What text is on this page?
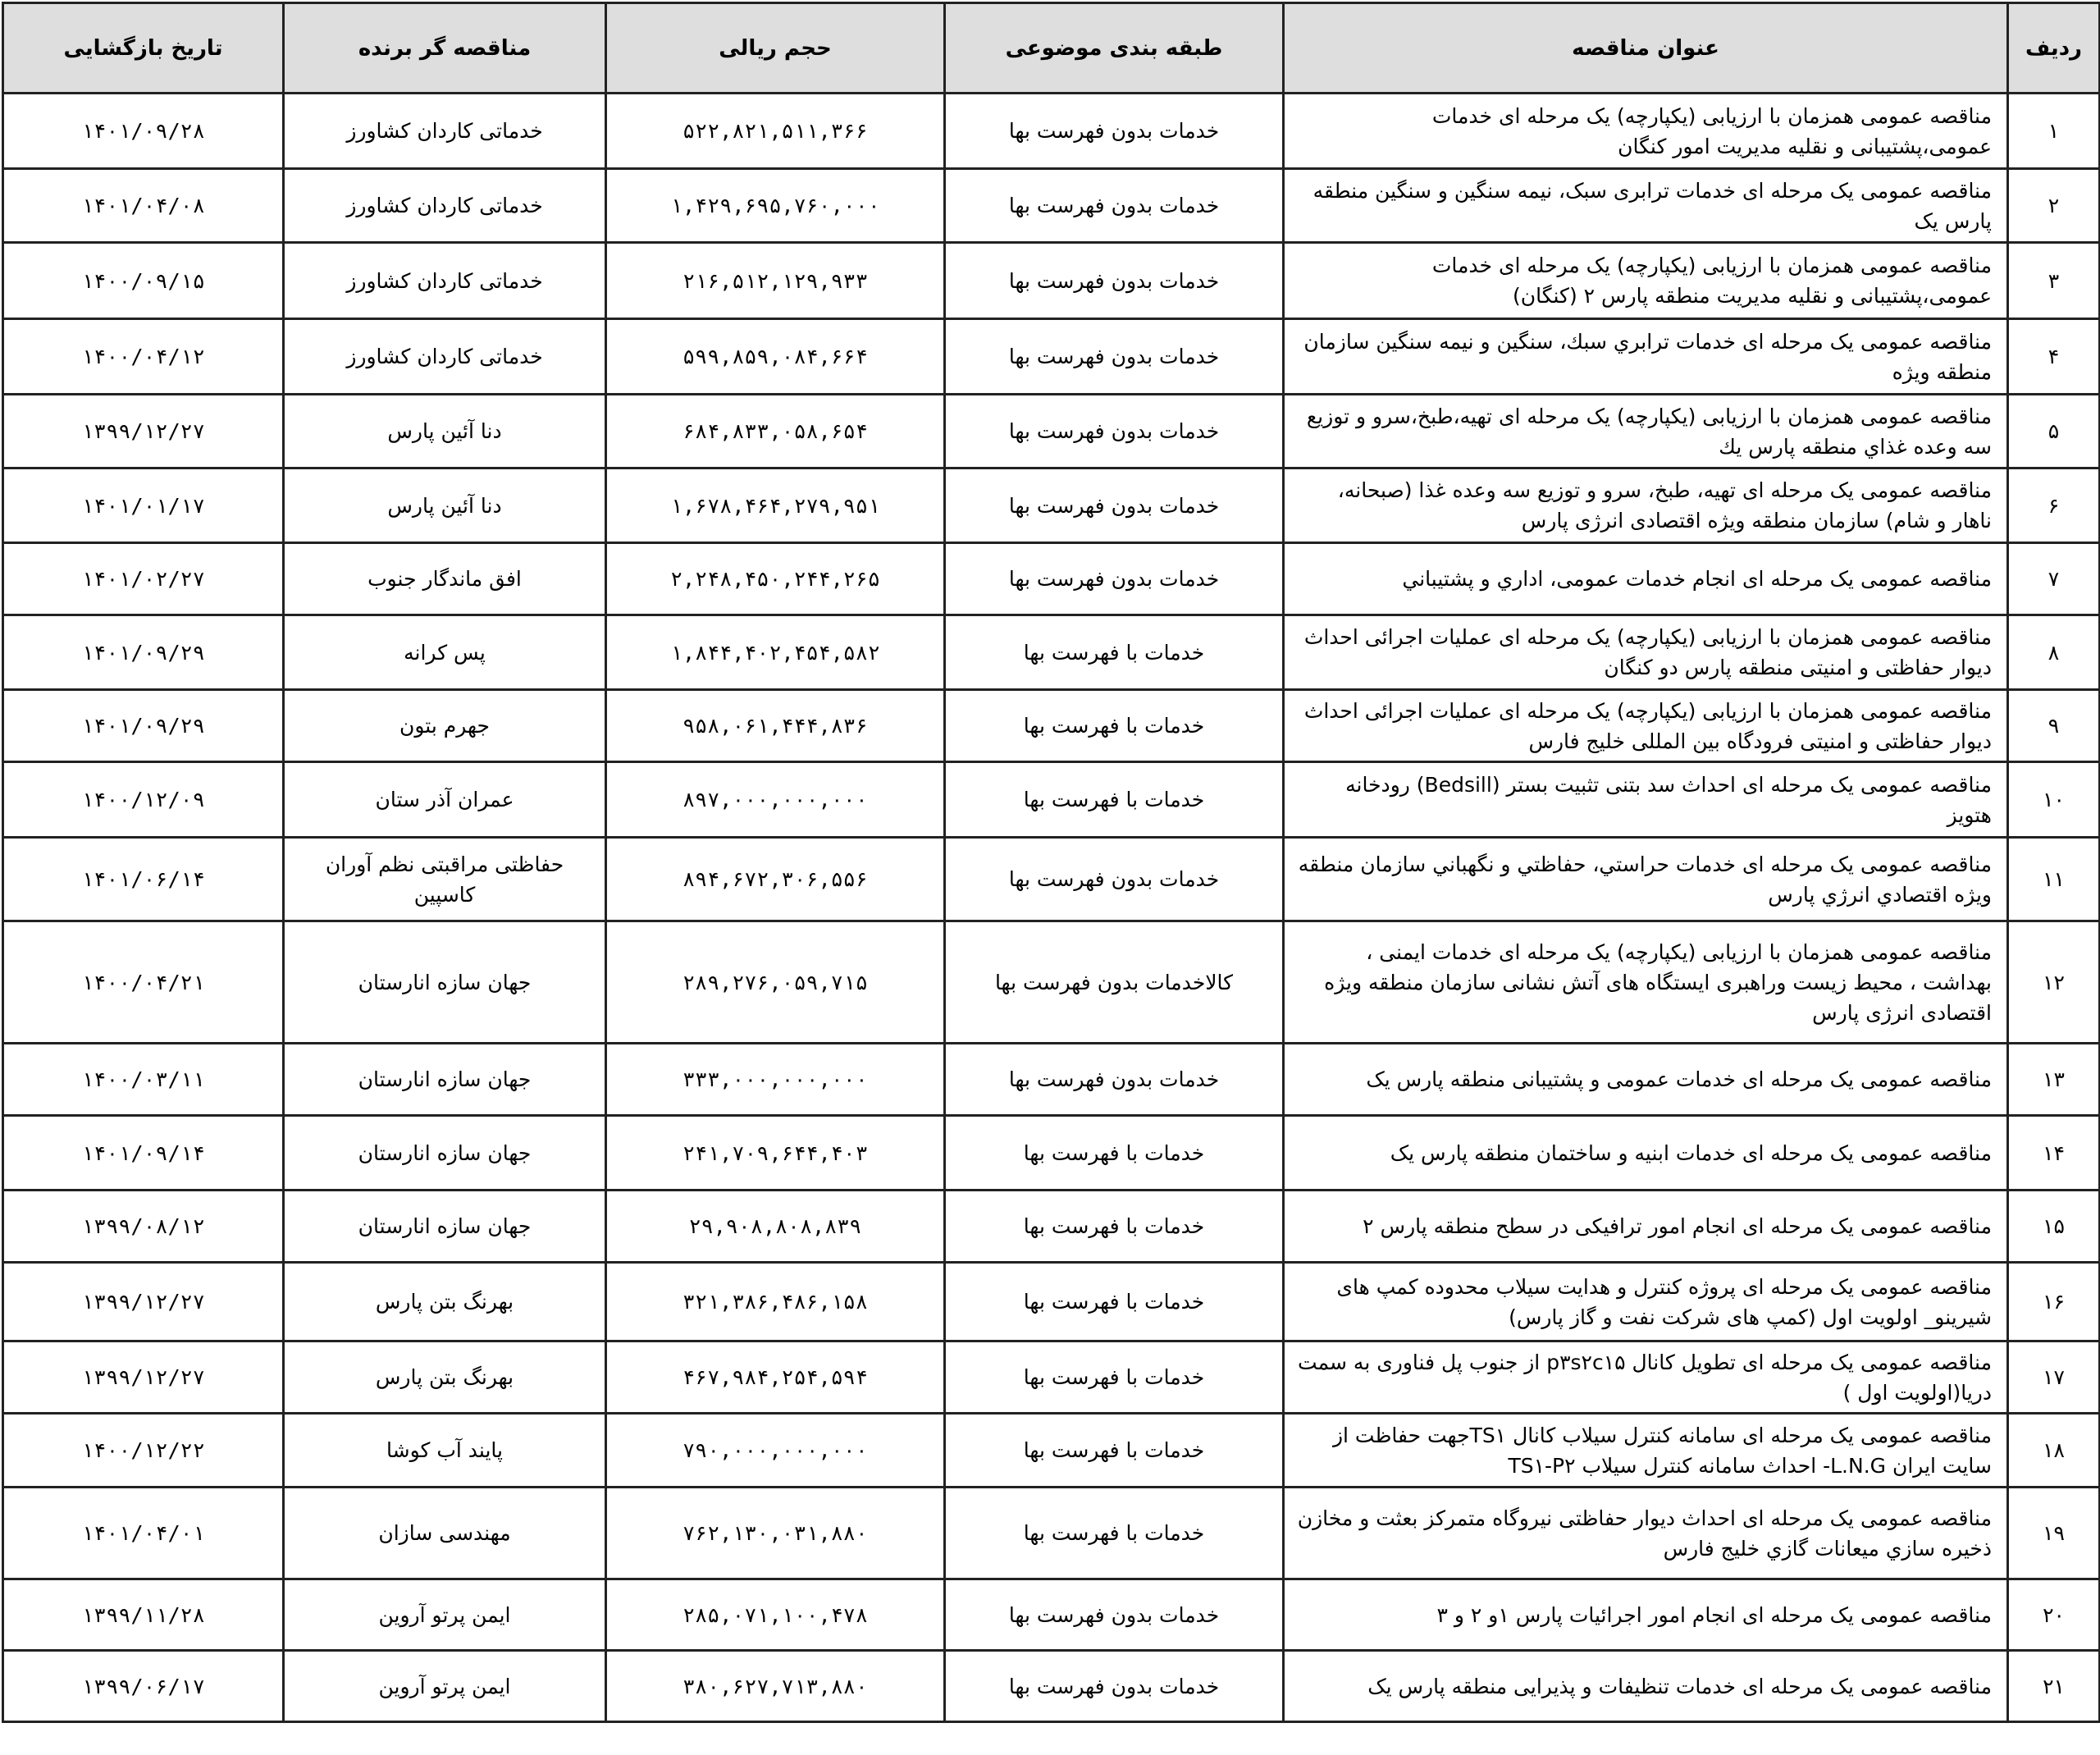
ردیف	عنوان مناقصه	طبقه بندی موضوعی	حجم ریالی	مناقصه گر برنده	تاریخ بازگشایی
۱	مناقصه عمومی همزمان با ارزیابی (یکپارچه) یک مرحله ای خدمات عمومی،پشتیبانی و نقلیه مدیریت امور کنگان	خدمات بدون فهرست بها	۵۲۲,۸۲۱,۵۱۱,۳۶۶	خدماتی کاردان کشاورز	۱۴۰۱/۰۹/۲۸
۲	مناقصه عمومی یک مرحله ای خدمات ترابری سبک، نیمه سنگین و سنگین منطقه پارس یک	خدمات بدون فهرست بها	۱,۴۲۹,۶۹۵,۷۶۰,۰۰۰	خدماتی کاردان کشاورز	۱۴۰۱/۰۴/۰۸
۳	مناقصه عمومی همزمان با ارزیابی (یکپارچه) یک مرحله ای خدمات عمومی،پشتیبانی و نقلیه مدیریت منطقه پارس ۲ (کنگان)	خدمات بدون فهرست بها	۲۱۶,۵۱۲,۱۲۹,۹۳۳	خدماتی کاردان کشاورز	۱۴۰۰/۰۹/۱۵
۴	مناقصه عمومی یک مرحله ای خدمات ترابري سبك، سنگين و نيمه سنگين سازمان منطقه ويژه	خدمات بدون فهرست بها	۵۹۹,۸۵۹,۰۸۴,۶۶۴	خدماتی کاردان کشاورز	۱۴۰۰/۰۴/۱۲
۵	مناقصه عمومی همزمان با ارزیابی (یکپارچه) یک مرحله ای تهیه،طبخ،سرو و توزيع سه وعده غذاي منطقه پارس يك	خدمات بدون فهرست بها	۶۸۴,۸۳۳,۰۵۸,۶۵۴	دنا آئین پارس	۱۳۹۹/۱۲/۲۷
۶	مناقصه عمومی یک مرحله ای تهیه، طبخ، سرو و توزیع سه وعده غذا (صبحانه، ناهار و شام) سازمان منطقه ویژه اقتصادی انرژی پارس	خدمات بدون فهرست بها	۱,۶۷۸,۴۶۴,۲۷۹,۹۵۱	دنا آئین پارس	۱۴۰۱/۰۱/۱۷
۷	مناقصه عمومی یک مرحله ای انجام خدمات عمومی، اداري و پشتيباني	خدمات بدون فهرست بها	۲,۲۴۸,۴۵۰,۲۴۴,۲۶۵	افق ماندگار جنوب	۱۴۰۱/۰۲/۲۷
۸	مناقصه عمومی همزمان با ارزیابی (یکپارچه) یک مرحله ای عملیات اجرائی احداث دیوار حفاظتی و امنیتی منطقه پارس دو کنگان	خدمات با فهرست بها	۱,۸۴۴,۴۰۲,۴۵۴,۵۸۲	پس کرانه	۱۴۰۱/۰۹/۲۹
۹	مناقصه عمومی همزمان با ارزیابی (یکپارچه) یک مرحله ای عملیات اجرائی احداث دیوار حفاظتی و امنیتی فرودگاه بین المللی خلیج فارس	خدمات با فهرست بها	۹۵۸,۰۶۱,۴۴۴,۸۳۶	جهرم بتون	۱۴۰۱/۰۹/۲۹
۱۰	مناقصه عمومی یک مرحله ای احداث سد بتنی تثبیت بستر (Bedsill) رودخانه هتویز	خدمات با فهرست بها	۸۹۷,۰۰۰,۰۰۰,۰۰۰	عمران آذر ستان	۱۴۰۰/۱۲/۰۹
۱۱	مناقصه عمومی یک مرحله ای خدمات حراستي، حفاظتي و نگهباني سازمان منطقه ويژه اقتصادي انرژي پارس	خدمات بدون فهرست بها	۸۹۴,۶۷۲,۳۰۶,۵۵۶	حفاظتی مراقبتی نظم آوران کاسپین	۱۴۰۱/۰۶/۱۴
۱۲	مناقصه عمومی همزمان با ارزیابی (یکپارچه) یک مرحله ای خدمات ایمنی ، بهداشت ، محیط زیست وراهبری ایستگاه های آتش نشانی سازمان منطقه ویژه اقتصادی انرژی پارس	کالاخدمات بدون فهرست بها	۲۸۹,۲۷۶,۰۵۹,۷۱۵	جهان سازه انارستان	۱۴۰۰/۰۴/۲۱
۱۳	مناقصه عمومی یک مرحله ای خدمات عمومی و پشتیبانی منطقه پارس یک	خدمات بدون فهرست بها	۳۳۳,۰۰۰,۰۰۰,۰۰۰	جهان سازه انارستان	۱۴۰۰/۰۳/۱۱
۱۴	مناقصه عمومی یک مرحله ای خدمات ابنیه و ساختمان منطقه پارس یک	خدمات با فهرست بها	۲۴۱,۷۰۹,۶۴۴,۴۰۳	جهان سازه انارستان	۱۴۰۱/۰۹/۱۴
۱۵	مناقصه عمومی یک مرحله ای انجام امور ترافیکی در سطح منطقه پارس ۲	خدمات با فهرست بها	۲۹,۹۰۸,۸۰۸,۸۳۹	جهان سازه انارستان	۱۳۹۹/۰۸/۱۲
۱۶	مناقصه عمومی یک مرحله ای پروژه کنترل و هدایت سیلاب محدوده کمپ های شیرینو_ اولویت اول (کمپ های شرکت نفت و گاز پارس)	خدمات با فهرست بها	۳۲۱,۳۸۶,۴۸۶,۱۵۸	بهرنگ بتن پارس	۱۳۹۹/۱۲/۲۷
۱۷	مناقصه عمومی یک مرحله ای تطویل کانال p۳s۲c۱۵ از جنوب پل فناوری به سمت دریا(اولویت اول )	خدمات با فهرست بها	۴۶۷,۹۸۴,۲۵۴,۵۹۴	بهرنگ بتن پارس	۱۳۹۹/۱۲/۲۷
۱۸	مناقصه عمومی یک مرحله ای سامانه کنترل سیلاب کانال TS۱جهت حفاظت از سایت ایران L.N.G- احداث سامانه کنترل سیلاب TS۱-P۲	خدمات با فهرست بها	۷۹۰,۰۰۰,۰۰۰,۰۰۰	پایند آب کوشا	۱۴۰۰/۱۲/۲۲
۱۹	مناقصه عمومی یک مرحله ای احداث دیوار حفاظتی نیروگاه متمرکز بعثت و مخازن ذخیره سازي ميعانات گازي خليج فارس	خدمات با فهرست بها	۷۶۲,۱۳۰,۰۳۱,۸۸۰	مهندسی سازان	۱۴۰۱/۰۴/۰۱
۲۰	مناقصه عمومی یک مرحله ای انجام امور اجرائیات پارس ۱و ۲ و ۳	خدمات بدون فهرست بها	۲۸۵,۰۷۱,۱۰۰,۴۷۸	ایمن پرتو آروین	۱۳۹۹/۱۱/۲۸
۲۱	مناقصه عمومی یک مرحله ای خدمات تنظیفات و پذیرایی منطقه پارس یک	خدمات بدون فهرست بها	۳۸۰,۶۲۷,۷۱۳,۸۸۰	ایمن پرتو آروین	۱۳۹۹/۰۶/۱۷
